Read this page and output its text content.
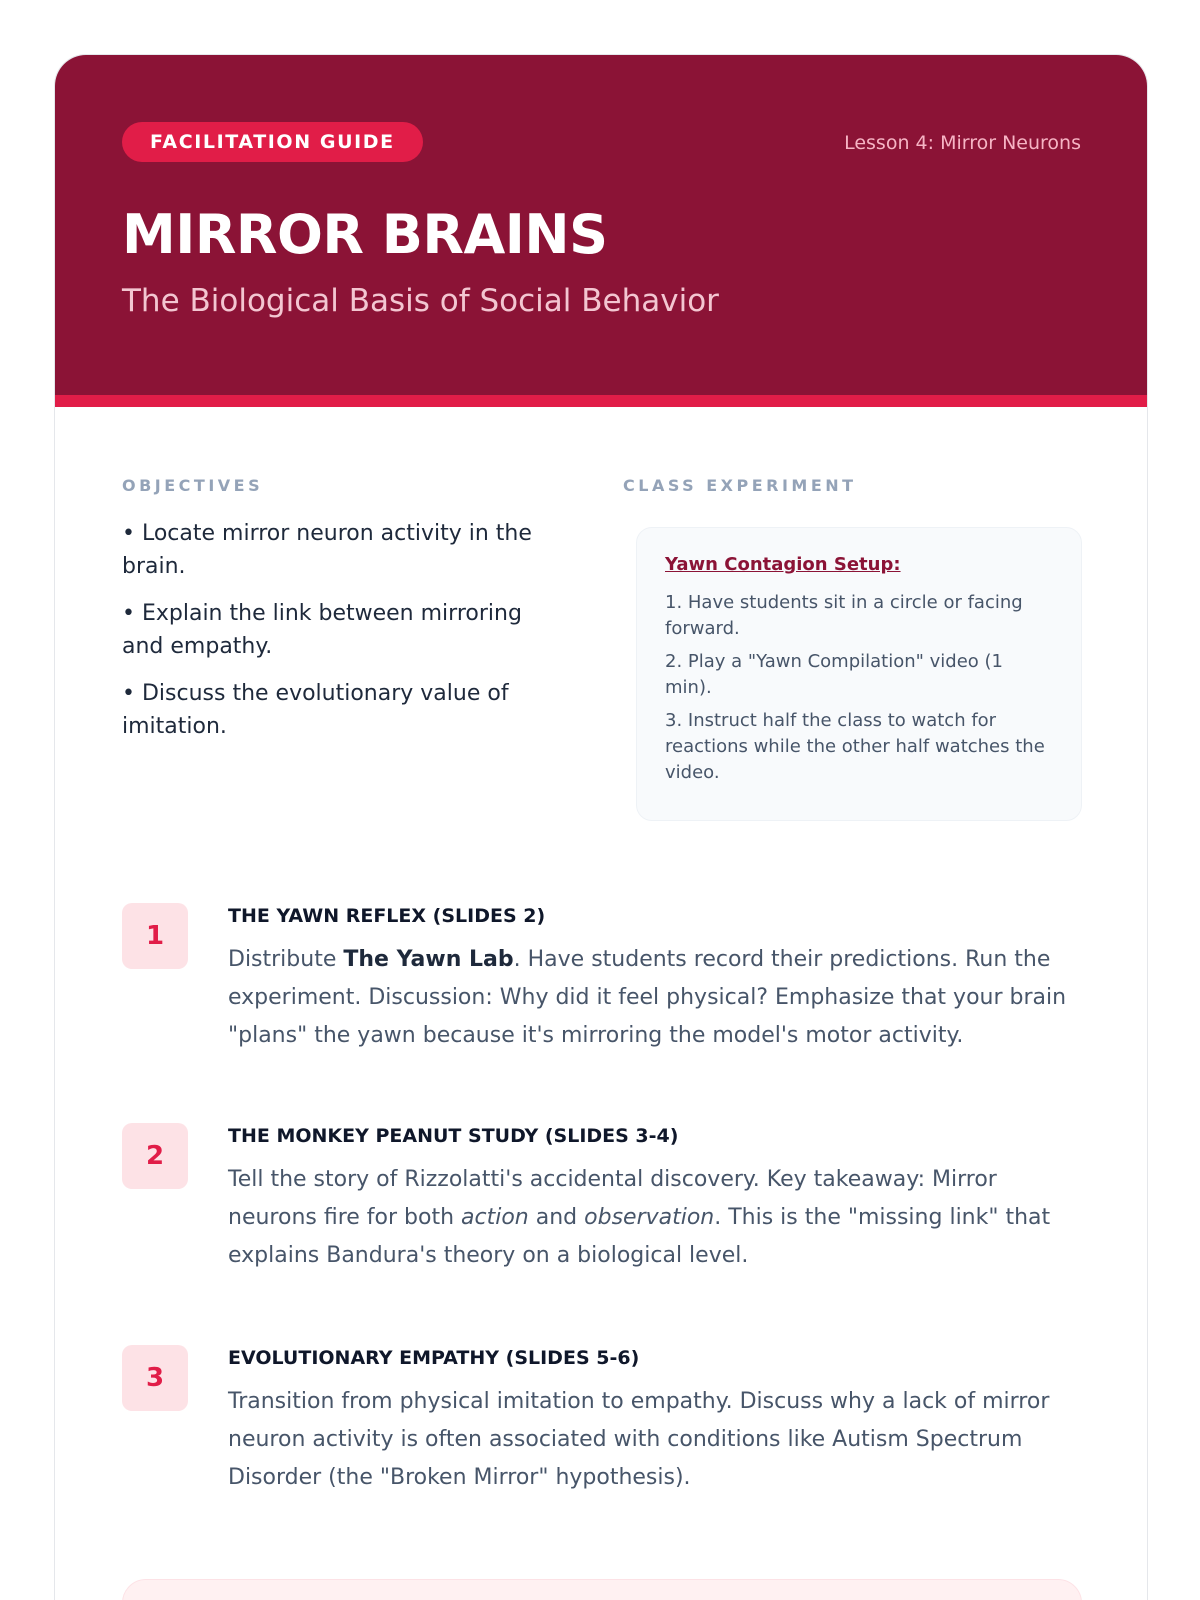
FACILITATION GUIDE	Lesson 4: Mirror Neurons
MIRROR BRAINS
The Biological Basis of Social Behavior
OBJECTIVES	CLASS EXPERIMENT
• Locate mirror neuron activity in the brain.
• Explain the link between mirroring and empathy.
• Discuss the evolutionary value of imitation.
Yawn Contagion Setup:
1. Have students sit in a circle or facing forward.
2. Play a "Yawn Compilation" video (1 min).
3. Instruct half the class to watch for reactions while the other half watches the video.
1
THE YAWN REFLEX (SLIDES 2)
Distribute The Yawn Lab. Have students record their predictions. Run the experiment. Discussion: Why did it feel physical? Emphasize that your brain "plans" the yawn because it's mirroring the model's motor activity.
2
THE MONKEY PEANUT STUDY (SLIDES 3-4)
Tell the story of Rizzolatti's accidental discovery. Key takeaway: Mirror neurons fire for both action and observation. This is the "missing link" that explains Bandura's theory on a biological level.
3
EVOLUTIONARY EMPATHY (SLIDES 5-6)
Transition from physical imitation to empathy. Discuss why a lack of mirror neuron activity is often associated with conditions like Autism Spectrum Disorder (the "Broken Mirror" hypothesis).
